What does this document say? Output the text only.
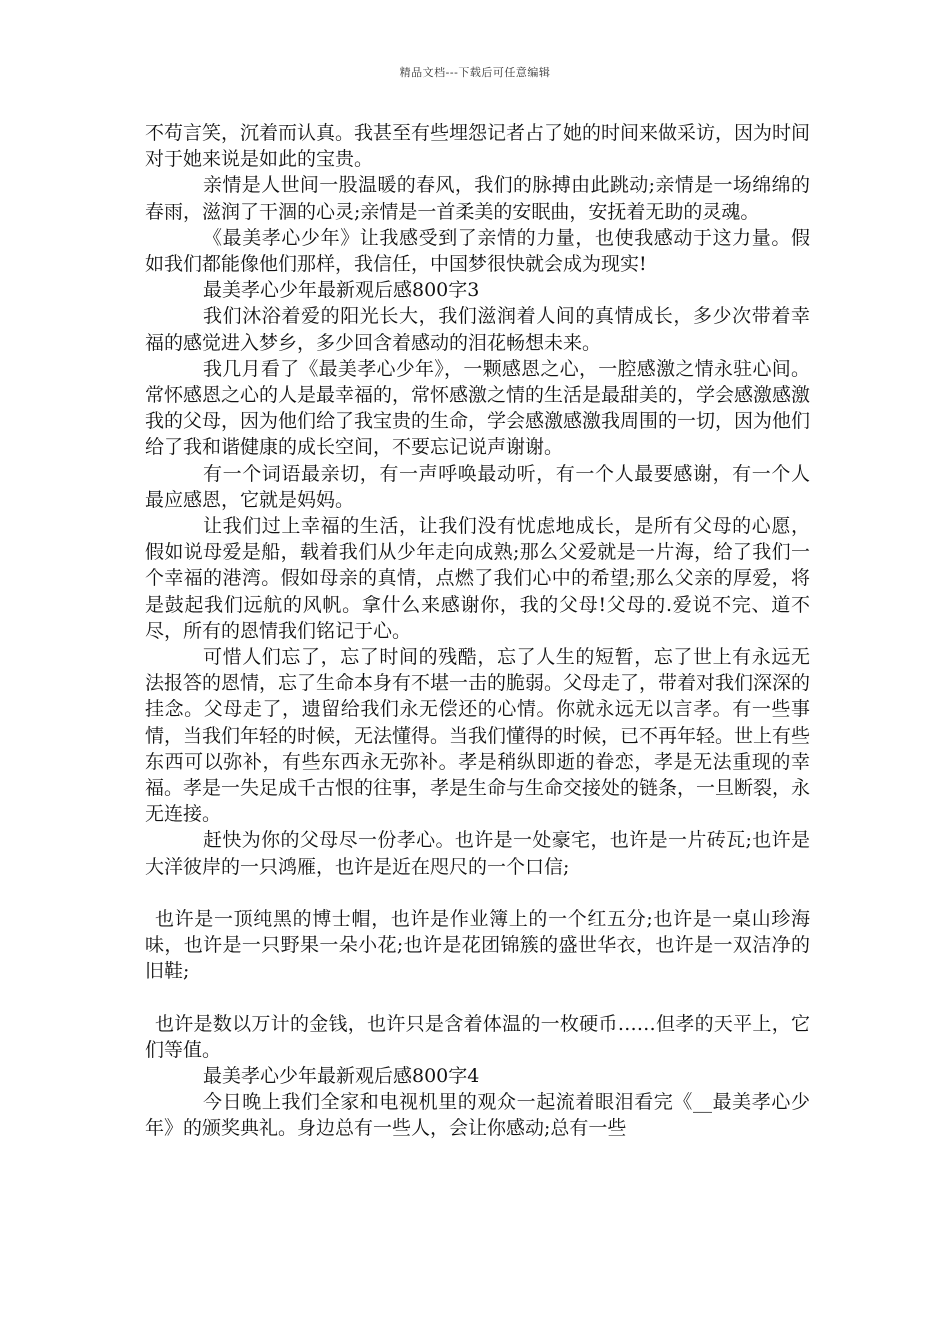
精品文档---下载后可任意编辑

不苟言笑，沉着而认真。我甚至有些埋怨记者占了她的时间来做采访，因为时间对于她来说是如此的宝贵。

亲情是人世间一股温暖的春风，我们的脉搏由此跳动;亲情是一场绵绵的春雨，滋润了干涸的心灵;亲情是一首柔美的安眠曲，安抚着无助的灵魂。

《最美孝心少年》让我感受到了亲情的力量，也使我感动于这力量。假如我们都能像他们那样，我信任，中国梦很快就会成为现实!

最美孝心少年最新观后感800字3

我们沐浴着爱的阳光长大，我们滋润着人间的真情成长，多少次带着幸福的感觉进入梦乡，多少回含着感动的泪花畅想未来。

我几月看了《最美孝心少年》，一颗感恩之心，一腔感激之情永驻心间。常怀感恩之心的人是最幸福的，常怀感激之情的生活是最甜美的，学会感激感激我的父母，因为他们给了我宝贵的生命，学会感激感激我周围的一切，因为他们给了我和谐健康的成长空间，不要忘记说声谢谢。

有一个词语最亲切，有一声呼唤最动听，有一个人最要感谢，有一个人最应感恩，它就是妈妈。

让我们过上幸福的生活，让我们没有忧虑地成长，是所有父母的心愿，假如说母爱是船，载着我们从少年走向成熟;那么父爱就是一片海，给了我们一个幸福的港湾。假如母亲的真情，点燃了我们心中的希望;那么父亲的厚爱，将是鼓起我们远航的风帆。拿什么来感谢你，我的父母!父母的.爱说不完、道不尽，所有的恩情我们铭记于心。

可惜人们忘了，忘了时间的残酷，忘了人生的短暂，忘了世上有永远无法报答的恩情，忘了生命本身有不堪一击的脆弱。父母走了，带着对我们深深的挂念。父母走了，遗留给我们永无偿还的心情。你就永远无以言孝。有一些事情，当我们年轻的时候，无法懂得。当我们懂得的时候，已不再年轻。世上有些东西可以弥补，有些东西永无弥补。孝是稍纵即逝的眷恋，孝是无法重现的幸福。孝是一失足成千古恨的往事，孝是生命与生命交接处的链条，一旦断裂，永无连接。

赶快为你的父母尽一份孝心。也许是一处豪宅，也许是一片砖瓦;也许是大洋彼岸的一只鸿雁，也许是近在咫尺的一个口信;

也许是一顶纯黑的博士帽，也许是作业簿上的一个红五分;也许是一桌山珍海味，也许是一只野果一朵小花;也许是花团锦簇的盛世华衣，也许是一双洁净的旧鞋;

也许是数以万计的金钱，也许只是含着体温的一枚硬币……但孝的天平上，它们等值。

最美孝心少年最新观后感800字4

今日晚上我们全家和电视机里的观众一起流着眼泪看完《__最美孝心少年》的颁奖典礼。身边总有一些人，会让你感动;总有一些
